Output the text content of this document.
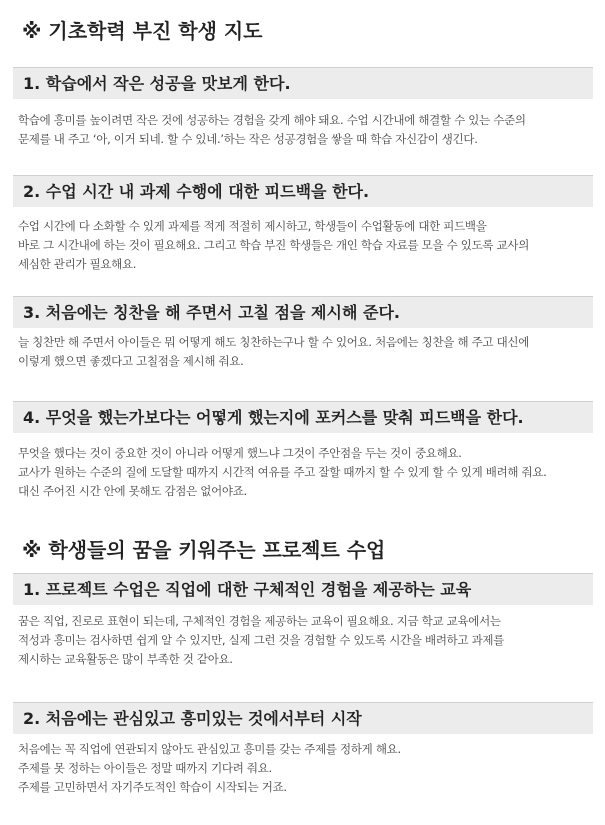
※ 기초학력 부진 학생 지도
1. 학습에서 작은 성공을 맛보게 한다.
학습에 흥미를 높이려면 작은 것에 성공하는 경험을 갖게 해야 돼요. 수업 시간내에 해결할 수 있는 수준의
문제를 내 주고 ‘아, 이거 되네. 할 수 있네.’하는 작은 성공경험을 쌓을 때 학습 자신감이 생긴다.
2. 수업 시간 내 과제 수행에 대한 피드백을 한다.
수업 시간에 다 소화할 수 있게 과제를 적게 적절히 제시하고, 학생들이 수업활동에 대한 피드백을
바로 그 시간내에 하는 것이 필요해요. 그리고 학습 부진 학생들은 개인 학습 자료를 모을 수 있도록 교사의
세심한 관리가 필요해요.
3. 처음에는 칭찬을 해 주면서 고칠 점을 제시해 준다.
늘 칭찬만 해 주면서 아이들은 뭐 어떻게 해도 칭찬하는구나 할 수 있어요. 처음에는 칭찬을 해 주고 대신에
이렇게 했으면 좋겠다고 고칠점을 제시해 줘요.
4. 무엇을 했는가보다는 어떻게 했는지에 포커스를 맞춰 피드백을 한다.
무엇을 했다는 것이 중요한 것이 아니라 어떻게 했느냐 그것이 주안점을 두는 것이 중요해요.
교사가 원하는 수준의 질에 도달할 때까지 시간적 여유를 주고 잘할 때까지 할 수 있게 할 수 있게 배려해 줘요.
대신 주어진 시간 안에 못해도 감점은 없어야죠.
※ 학생들의 꿈을 키워주는 프로젝트 수업
1. 프로젝트 수업은 직업에 대한 구체적인 경험을 제공하는 교육
꿈은 직업, 진로로 표현이 되는데, 구체적인 경험을 제공하는 교육이 필요해요. 지금 학교 교육에서는
적성과 흥미는 검사하면 쉽게 알 수 있지만, 실제 그런 것을 경험할 수 있도록 시간을 배려하고 과제를
제시하는 교육활동은 많이 부족한 것 같아요.
2. 처음에는 관심있고 흥미있는 것에서부터 시작
처음에는 꼭 직업에 연관되지 않아도 관심있고 흥미를 갖는 주제를 정하게 해요.
주제를 못 정하는 아이들은 정말 때까지 기다려 줘요.
주제를 고민하면서 자기주도적인 학습이 시작되는 거죠.
